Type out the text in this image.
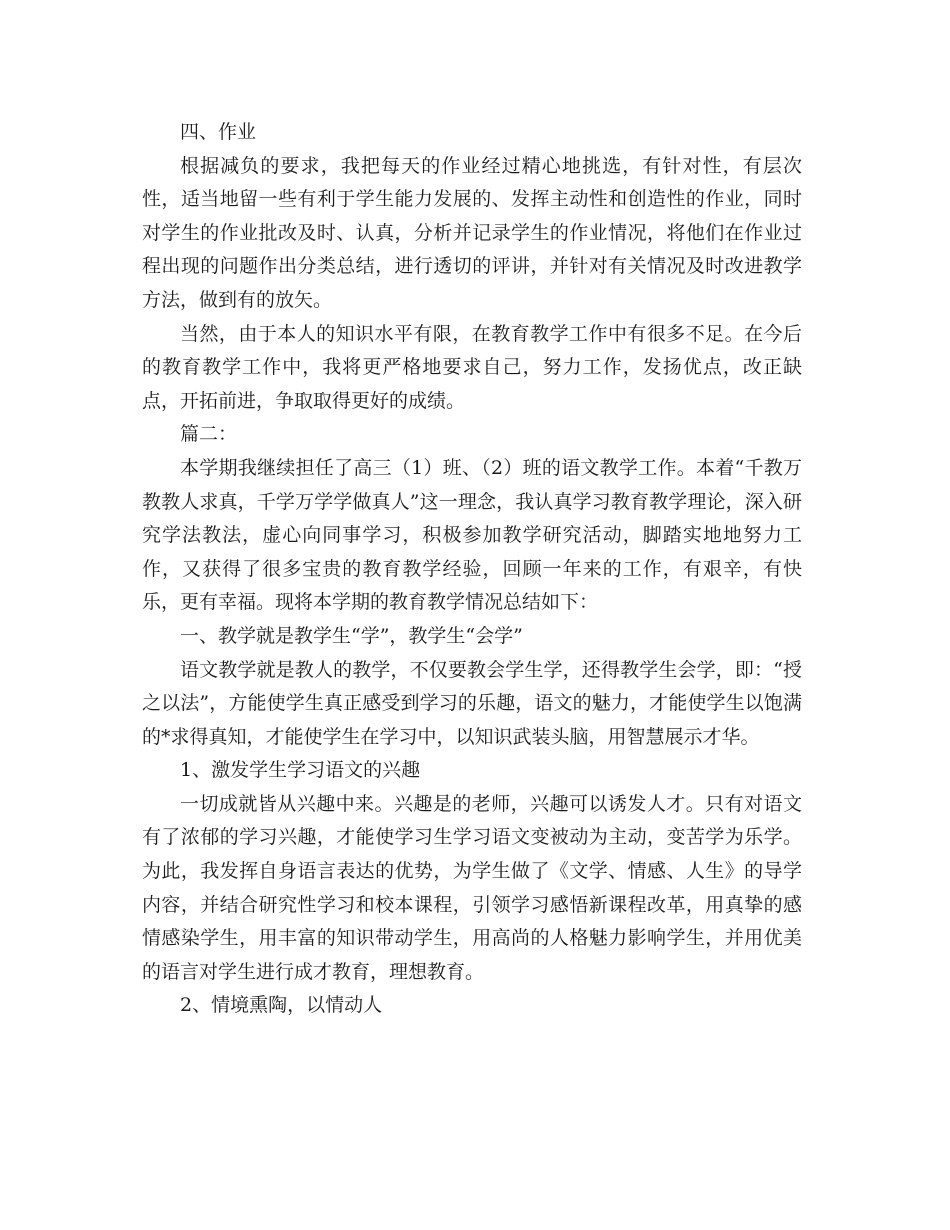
四、作业

根据减负的要求，我把每天的作业经过精心地挑选，有针对性，有层次性，适当地留一些有利于学生能力发展的、发挥主动性和创造性的作业，同时对学生的作业批改及时、认真，分析并记录学生的作业情况，将他们在作业过程出现的问题作出分类总结，进行透切的评讲，并针对有关情况及时改进教学方法，做到有的放矢。

当然，由于本人的知识水平有限，在教育教学工作中有很多不足。在今后的教育教学工作中，我将更严格地要求自己，努力工作，发扬优点，改正缺点，开拓前进，争取取得更好的成绩。

篇二：

本学期我继续担任了高三（1）班、（2）班的语文教学工作。本着“千教万教教人求真，千学万学学做真人”这一理念，我认真学习教育教学理论，深入研究学法教法，虚心向同事学习，积极参加教学研究活动，脚踏实地地努力工作，又获得了很多宝贵的教育教学经验，回顾一年来的工作，有艰辛，有快乐，更有幸福。现将本学期的教育教学情况总结如下：

一、教学就是教学生“学”，教学生“会学”

语文教学就是教人的教学，不仅要教会学生学，还得教学生会学，即：“授之以法”，方能使学生真正感受到学习的乐趣，语文的魅力，才能使学生以饱满的*求得真知，才能使学生在学习中，以知识武装头脑，用智慧展示才华。

1、激发学生学习语文的兴趣

一切成就皆从兴趣中来。兴趣是的老师，兴趣可以诱发人才。只有对语文有了浓郁的学习兴趣，才能使学习生学习语文变被动为主动，变苦学为乐学。为此，我发挥自身语言表达的优势，为学生做了《文学、情感、人生》的导学内容，并结合研究性学习和校本课程，引领学习感悟新课程改革，用真挚的感情感染学生，用丰富的知识带动学生，用高尚的人格魅力影响学生，并用优美的语言对学生进行成才教育，理想教育。

2、情境熏陶，以情动人
